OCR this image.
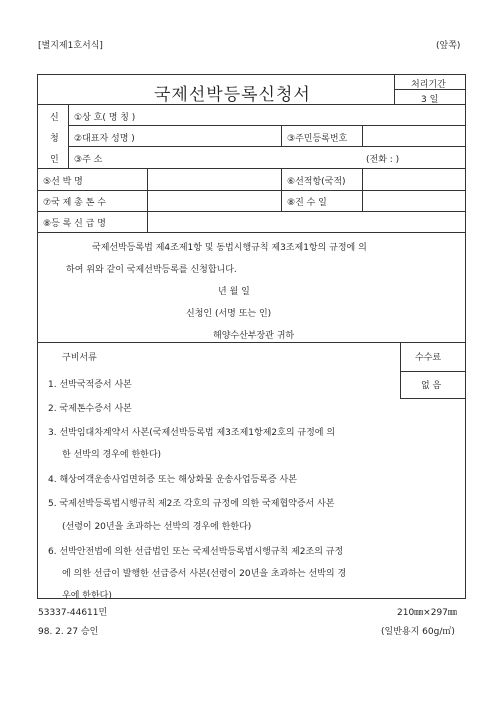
[별지제1호서식]	(앞쪽)
국제선박등록신청서	처리기간
3 일
신
청
인
①상 호( 명 칭 )
②대표자 성명 )	③주민등록번호
③주 소	(전화 : )
⑤선 박 명	⑥선적항(국적)
⑦국 제 총 톤 수	⑧진 수 일
⑧등 록 신 급 명
국제선박등록법 제4조제1항 및 동법시행규칙 제3조제1항의 규정에 의
하여 위와 같이 국제선박등록를 신청합니다.
년 월 일
신청인 (서명 또는 인)
해양수산부장관 귀하
구비서류	수수료
없 음
1. 선박국적증서 사본
2. 국제톤수증서 사본
3. 선박임대차계약서 사본(국제선박등록법 제3조제1항제2호의 규정에 의
한 선박의 경우에 한한다)
4. 해상여객운송사업면허증 또는 해상화물 운송사업등록증 사본
5. 국제선박등록법시행규칙 제2조 각호의 규정에 의한 국제협약증서 사본
(선령이 20년을 초과하는 선박의 경우에 한한다)
6. 선박안전법에 의한 선급법인 또는 국제선박등록법시행규칙 제2조의 규정
에 의한 선급이 발행한 선급증서 사본(선령이 20년을 초과하는 선박의 경
우에 한한다)
53337-44611민	210㎜×297㎜
98. 2. 27 승인	(일반용지 60g/㎡)
